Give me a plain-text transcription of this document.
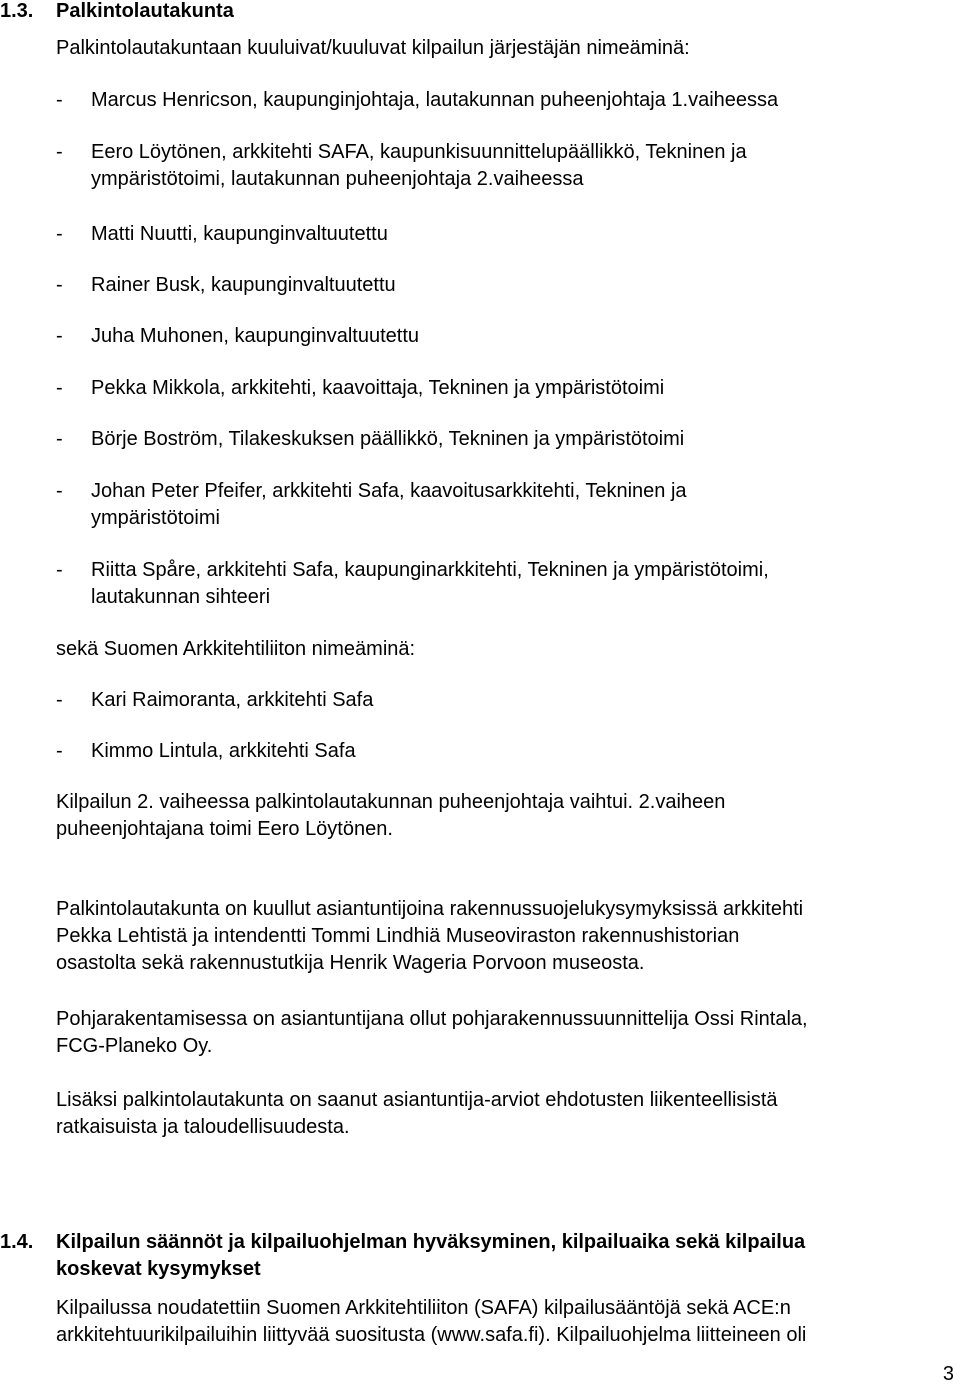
1.3. Palkintolautakunta
Palkintolautakuntaan kuuluivat/kuuluvat kilpailun järjestäjän nimeäminä:
- Marcus Henricson, kaupunginjohtaja, lautakunnan puheenjohtaja 1.vaiheessa
- Eero Löytönen, arkkitehti SAFA, kaupunkisuunnittelupäällikkö, Tekninen ja
ympäristötoimi, lautakunnan puheenjohtaja 2.vaiheessa
- Matti Nuutti, kaupunginvaltuutettu
- Rainer Busk, kaupunginvaltuutettu
- Juha Muhonen, kaupunginvaltuutettu
- Pekka Mikkola, arkkitehti, kaavoittaja, Tekninen ja ympäristötoimi
- Börje Boström, Tilakeskuksen päällikkö, Tekninen ja ympäristötoimi
- Johan Peter Pfeifer, arkkitehti Safa, kaavoitusarkkitehti, Tekninen ja
ympäristötoimi
- Riitta Spåre, arkkitehti Safa, kaupunginarkkitehti, Tekninen ja ympäristötoimi,
lautakunnan sihteeri
sekä Suomen Arkkitehtiliiton nimeäminä:
- Kari Raimoranta, arkkitehti Safa
- Kimmo Lintula, arkkitehti Safa
Kilpailun 2. vaiheessa palkintolautakunnan puheenjohtaja vaihtui. 2.vaiheen
puheenjohtajana toimi Eero Löytönen.
Palkintolautakunta on kuullut asiantuntijoina rakennussuojelukysymyksissä arkkitehti
Pekka Lehtistä ja intendentti Tommi Lindhiä Museoviraston rakennushistorian
osastolta sekä rakennustutkija Henrik Wageria Porvoon museosta.
Pohjarakentamisessa on asiantuntijana ollut pohjarakennussuunnittelija Ossi Rintala,
FCG-Planeko Oy.
Lisäksi palkintolautakunta on saanut asiantuntija-arviot ehdotusten liikenteellisistä
ratkaisuista ja taloudellisuudesta.
1.4. Kilpailun säännöt ja kilpailuohjelman hyväksyminen, kilpailuaika sekä kilpailua
koskevat kysymykset
Kilpailussa noudatettiin Suomen Arkkitehtiliiton (SAFA) kilpailusääntöjä sekä ACE:n
arkkitehtuurikilpailuihin liittyvää suositusta (www.safa.fi). Kilpailuohjelma liitteineen oli
3
